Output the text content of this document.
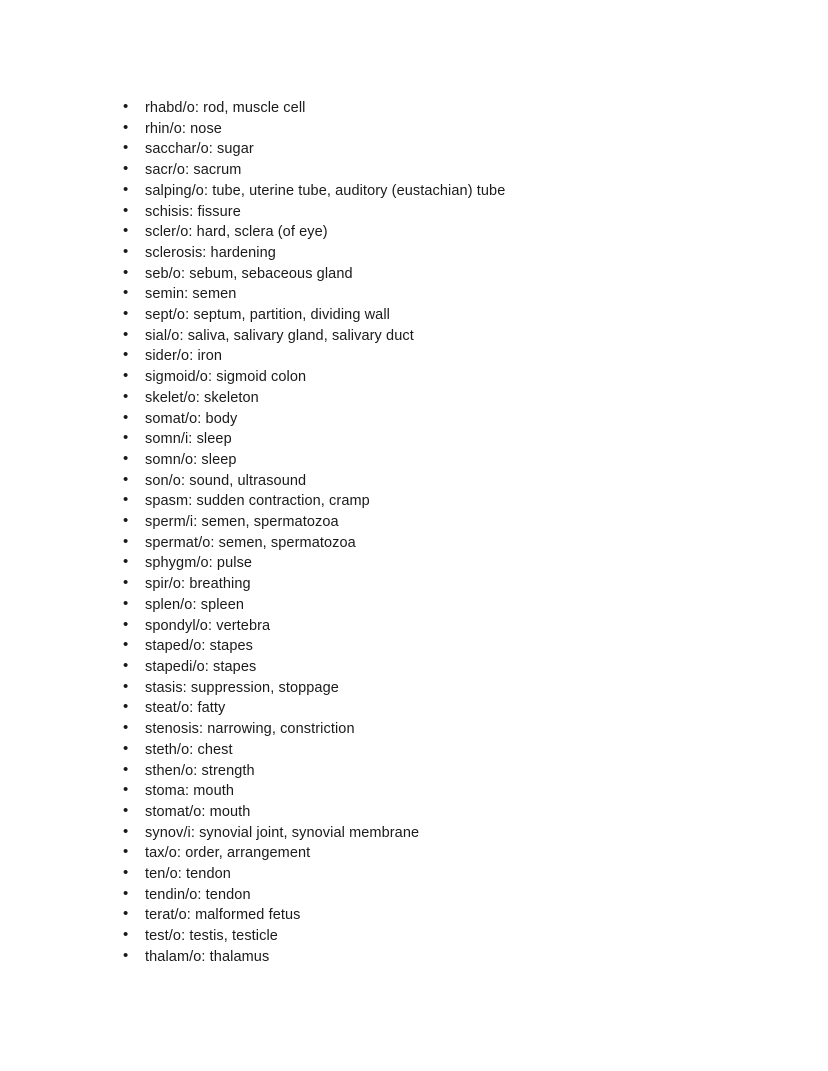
• rhabd/o: rod, muscle cell
• rhin/o: nose
• sacchar/o: sugar
• sacr/o: sacrum
• salping/o: tube, uterine tube, auditory (eustachian) tube
• schisis: fissure
• scler/o: hard, sclera (of eye)
• sclerosis: hardening
• seb/o: sebum, sebaceous gland
• semin: semen
• sept/o: septum, partition, dividing wall
• sial/o: saliva, salivary gland, salivary duct
• sider/o: iron
• sigmoid/o: sigmoid colon
• skelet/o: skeleton
• somat/o: body
• somn/i: sleep
• somn/o: sleep
• son/o: sound, ultrasound
• spasm: sudden contraction, cramp
• sperm/i: semen, spermatozoa
• spermat/o: semen, spermatozoa
• sphygm/o: pulse
• spir/o: breathing
• splen/o: spleen
• spondyl/o: vertebra
• staped/o: stapes
• stapedi/o: stapes
• stasis: suppression, stoppage
• steat/o: fatty
• stenosis: narrowing, constriction
• steth/o: chest
• sthen/o: strength
• stoma: mouth
• stomat/o: mouth
• synov/i: synovial joint, synovial membrane
• tax/o: order, arrangement
• ten/o: tendon
• tendin/o: tendon
• terat/o: malformed fetus
• test/o: testis, testicle
• thalam/o: thalamus
